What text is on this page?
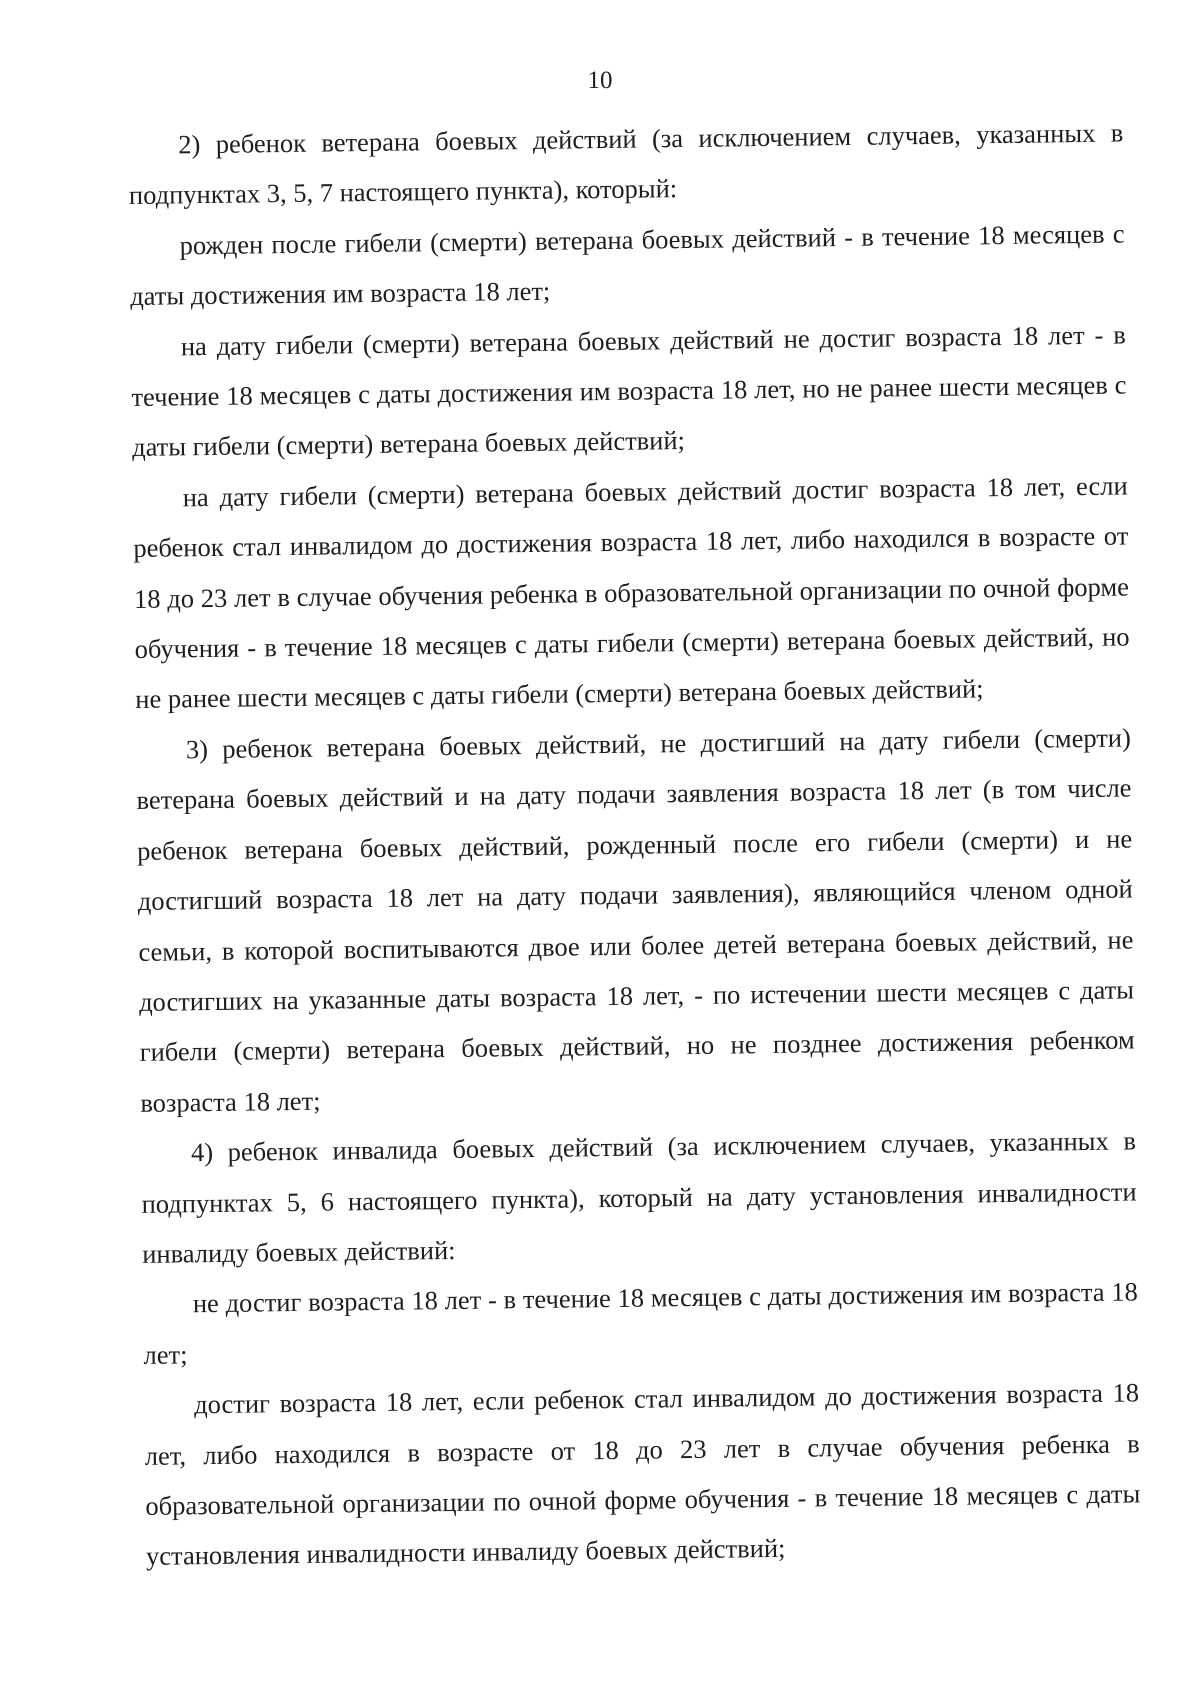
10

2) ребенок ветерана боевых действий (за исключением случаев, указанных в подпунктах 3, 5, 7 настоящего пункта), который:

рожден после гибели (смерти) ветерана боевых действий - в течение 18 месяцев с даты достижения им возраста 18 лет;

на дату гибели (смерти) ветерана боевых действий не достиг возраста 18 лет - в течение 18 месяцев с даты достижения им возраста 18 лет, но не ранее шести месяцев с даты гибели (смерти) ветерана боевых действий;

на дату гибели (смерти) ветерана боевых действий достиг возраста 18 лет, если ребенок стал инвалидом до достижения возраста 18 лет, либо находился в возрасте от 18 до 23 лет в случае обучения ребенка в образовательной организации по очной форме обучения - в течение 18 месяцев с даты гибели (смерти) ветерана боевых действий, но не ранее шести месяцев с даты гибели (смерти) ветерана боевых действий;

3) ребенок ветерана боевых действий, не достигший на дату гибели (смерти) ветерана боевых действий и на дату подачи заявления возраста 18 лет (в том числе ребенок ветерана боевых действий, рожденный после его гибели (смерти) и не достигший возраста 18 лет на дату подачи заявления), являющийся членом одной семьи, в которой воспитываются двое или более детей ветерана боевых действий, не достигших на указанные даты возраста 18 лет, - по истечении шести месяцев с даты гибели (смерти) ветерана боевых действий, но не позднее достижения ребенком возраста 18 лет;

4) ребенок инвалида боевых действий (за исключением случаев, указанных в подпунктах 5, 6 настоящего пункта), который на дату установления инвалидности инвалиду боевых действий:

не достиг возраста 18 лет - в течение 18 месяцев с даты достижения им возраста 18 лет;

достиг возраста 18 лет, если ребенок стал инвалидом до достижения возраста 18 лет, либо находился в возрасте от 18 до 23 лет в случае обучения ребенка в образовательной организации по очной форме обучения - в течение 18 месяцев с даты установления инвалидности инвалиду боевых действий;
